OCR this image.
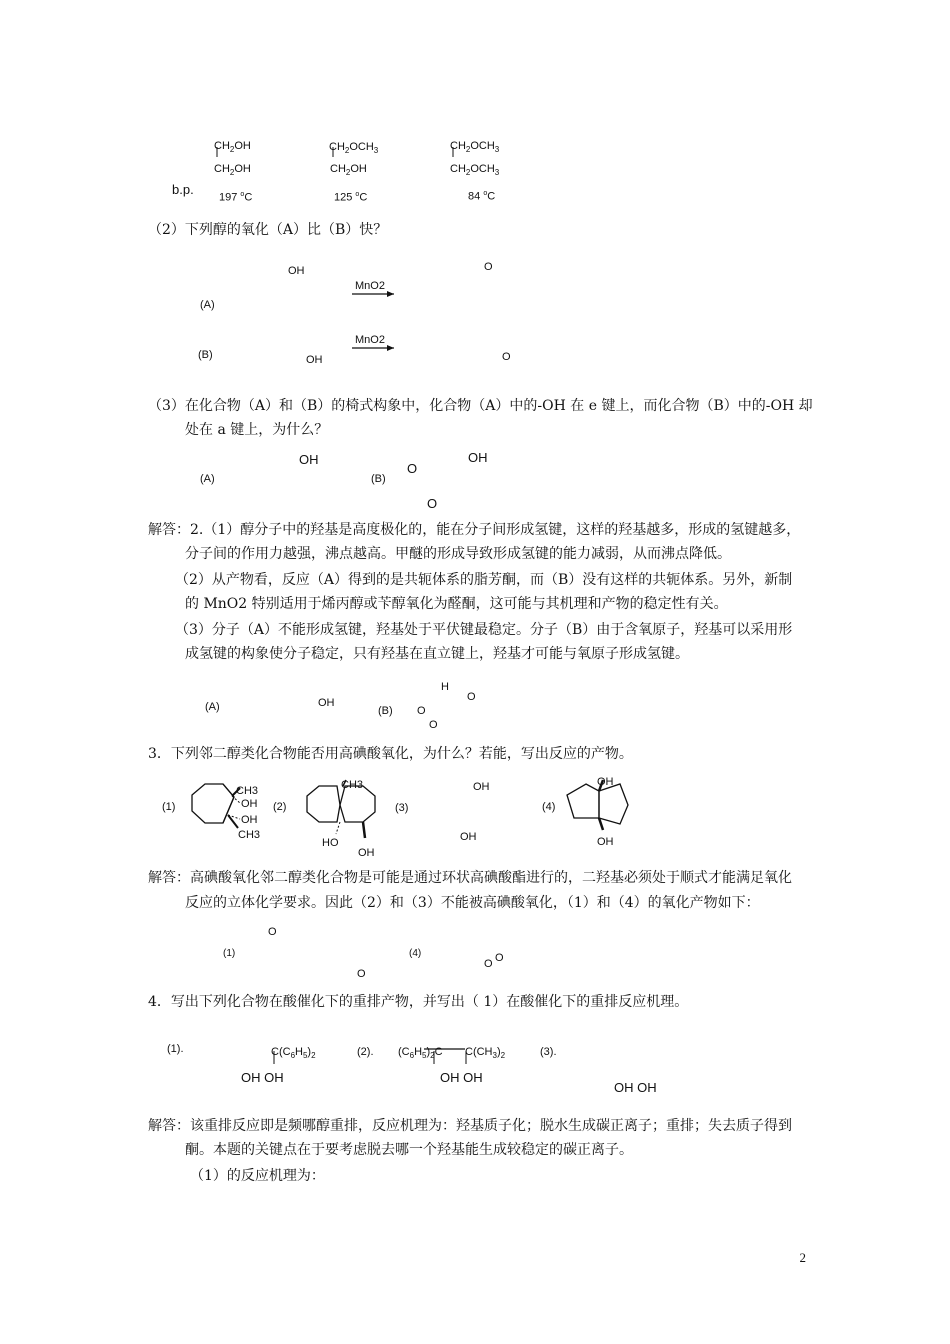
$CH_2OH$
$CH_2OH$
$CH_2OCH_3$
$CH_2OH$
$CH_2OCH_3$
$CH_2OCH_3$
b.p.
197 $^o$C	125 $^o$C	84 $^o$C
（2）下列醇的氧化（A）比（B）快？
OH	O
MnO2
(A)
MnO2
(B)	OH	O
（3）在化合物（A）和（B）的椅式构象中，化合物（A）中的-OH 在 e 键上，而化合物（B）中的-OH 却
处在 a 键上，为什么？
OH	OH
O
(A)	(B)
O
解答：2.（1）醇分子中的羟基是高度极化的，能在分子间形成氢键，这样的羟基越多，形成的氢键越多，
分子间的作用力越强，沸点越高。甲醚的形成导致形成氢键的能力减弱，从而沸点降低。
（2）从产物看，反应（A）得到的是共轭体系的脂芳酮，而（B）没有这样的共轭体系。另外，新制
的 MnO2 特别适用于烯丙醇或苄醇氧化为醛酮，这可能与其机理和产物的稳定性有关。
（3）分子（A）不能形成氢键，羟基处于平伏键最稳定。分子（B）由于含氧原子，羟基可以采用形
成氢键的构象使分子稳定，只有羟基在直立键上，羟基才可能与氧原子形成氢键。
H
O
OH
(A)	(B) O
O
3．下列邻二醇类化合物能否用高碘酸氧化，为什么？若能，写出反应的产物。
OH
CH3	CH3	OH
OH
(1)	(2)	(3)	(4)
OH
CH3	OH
HO	OH
OH
解答：高碘酸氧化邻二醇类化合物是可能是通过环状高碘酸酯进行的，二羟基必须处于顺式才能满足氧化
反应的立体化学要求。因此（2）和（3）不能被高碘酸氧化，（1）和（4）的氧化产物如下：
O
(1)	(4)	O
O
O
4．写出下列化合物在酸催化下的重排产物，并写出（ 1）在酸催化下的重排反应机理。
(1).	$C(C_6H_5)_2$	(2). $(C_6H_5)_2C$ $C(CH_3)_2$	(3).
OH OH	OH OH
OH OH
解答：该重排反应即是频哪醇重排，反应机理为：羟基质子化；脱水生成碳正离子；重排；失去质子得到
酮。本题的关键点在于要考虑脱去哪一个羟基能生成较稳定的碳正离子。
（1）的反应机理为：
2
